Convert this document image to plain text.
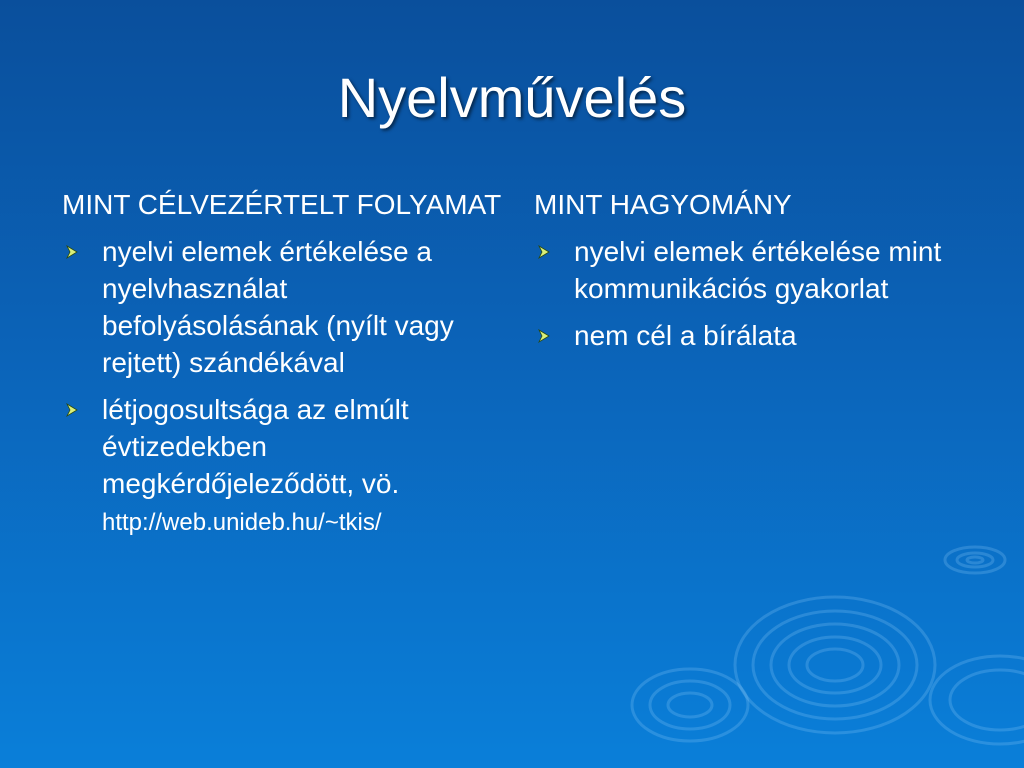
Nyelvművelés
MINT CÉLVEZÉRTELT FOLYAMAT
nyelvi elemek értékelése a nyelvhasználat befolyásolásának (nyílt vagy rejtett) szándékával
létjogosultsága az elmúlt évtizedekben megkérdőjeleződött, vö.
http://web.unideb.hu/~tkis/
MINT HAGYOMÁNY
nyelvi elemek értékelése mint kommunikációs gyakorlat
nem cél a bírálata
